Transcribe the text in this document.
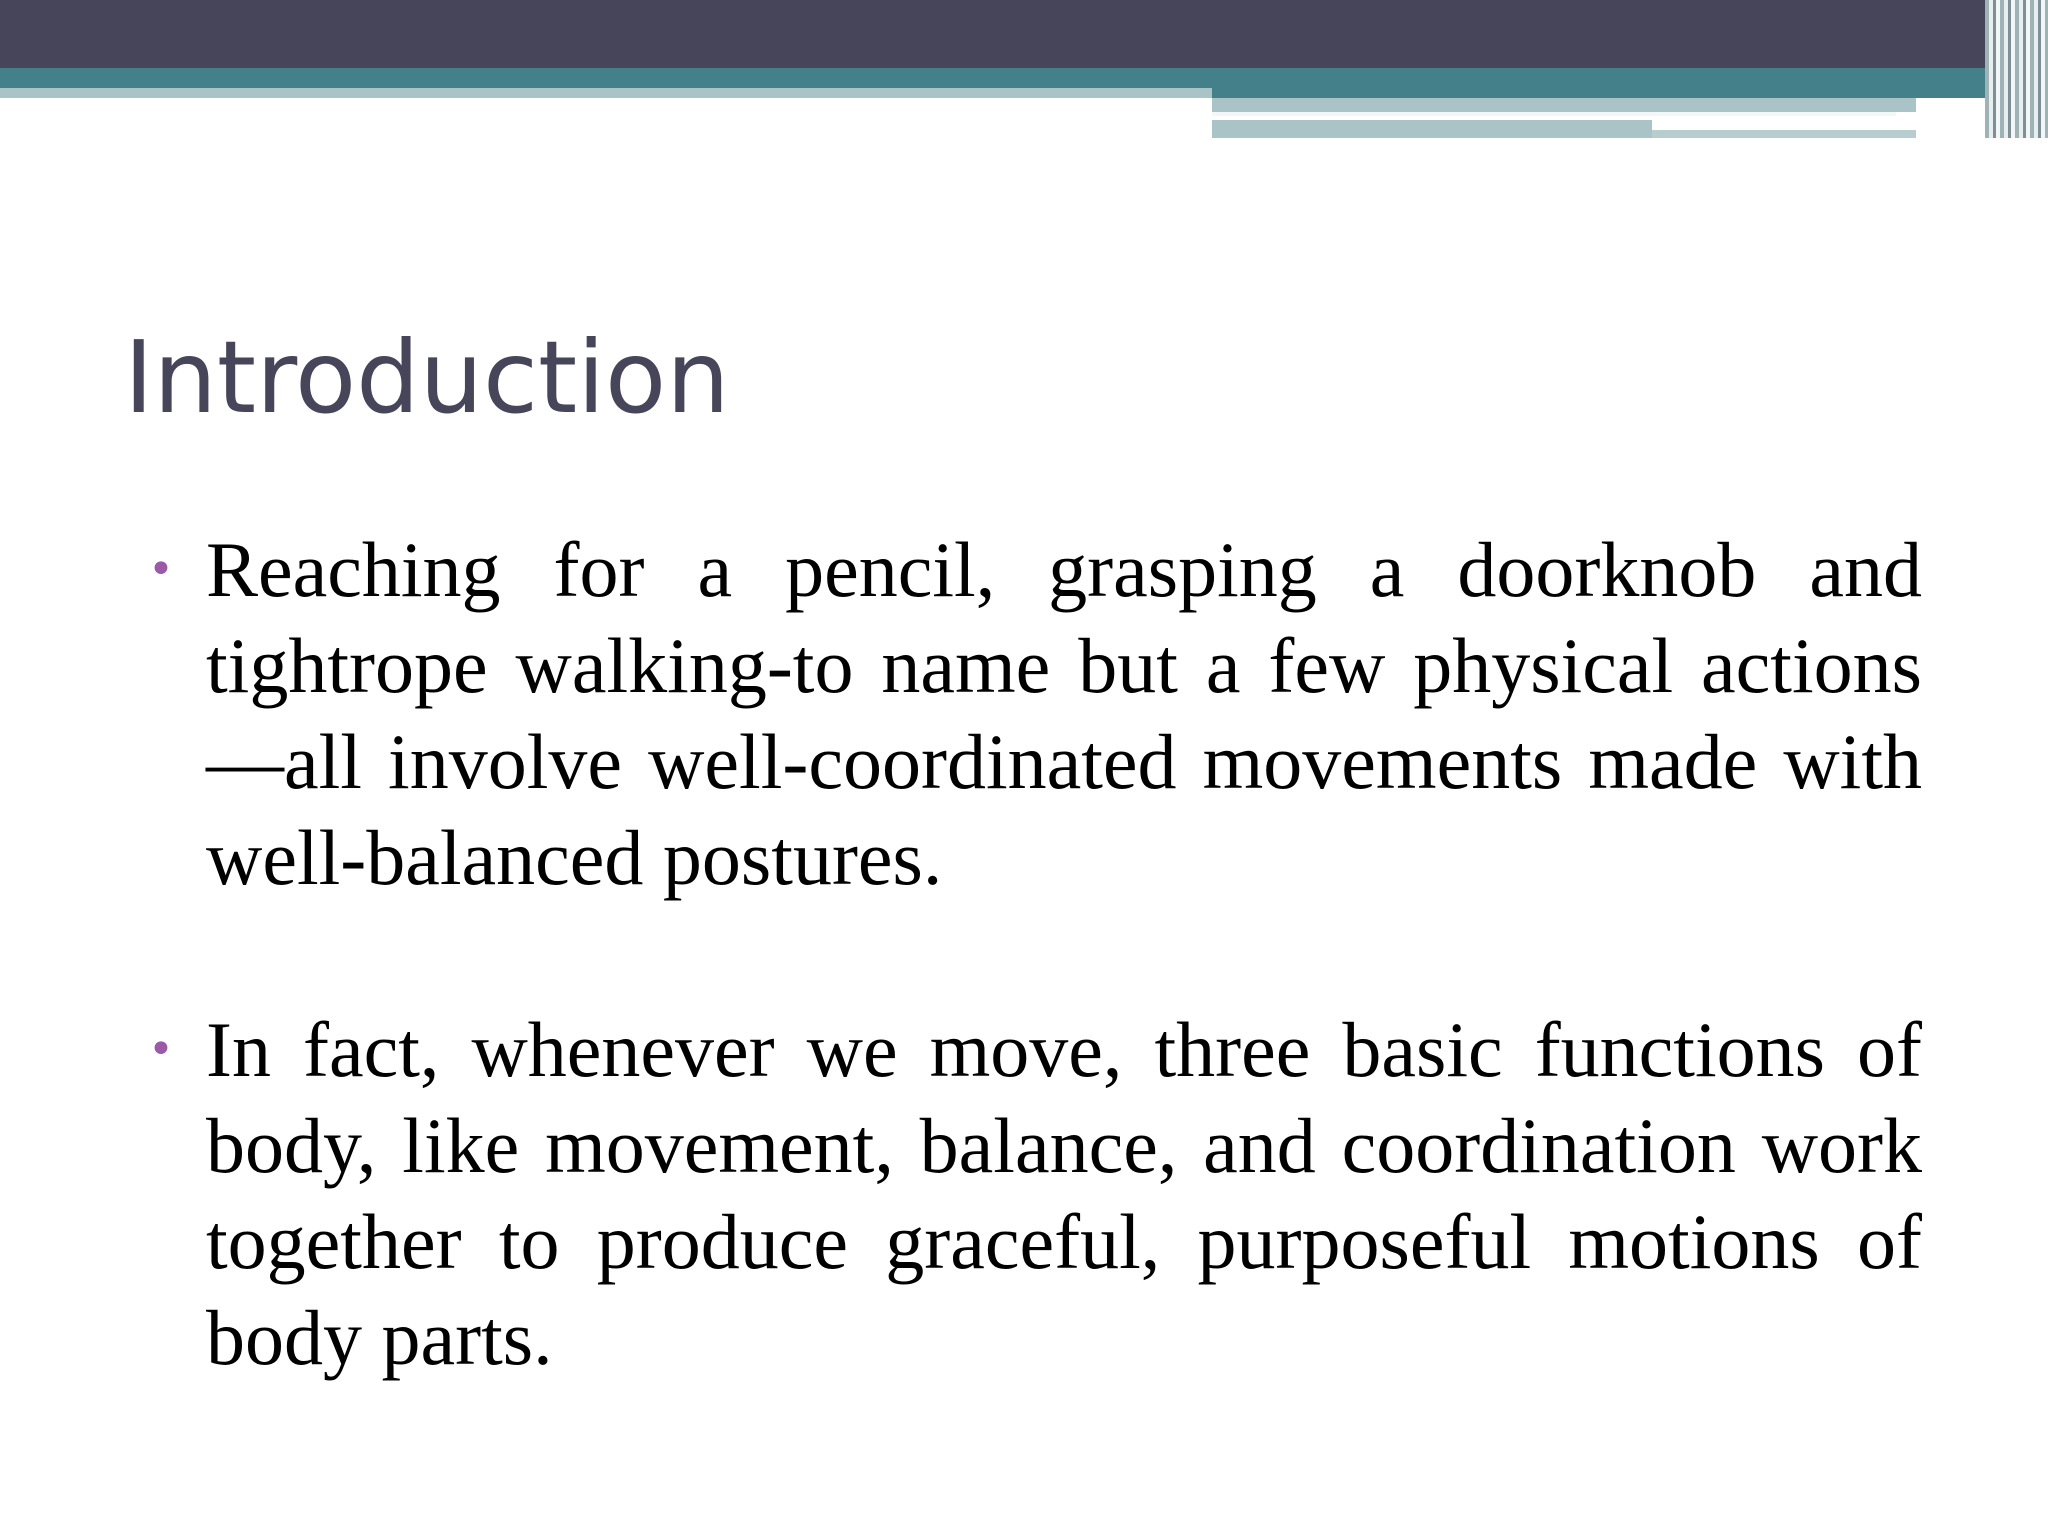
Introduction
• Reaching for a pencil, grasping a doorknob and tightrope walking-to name but a few physical actions—all involve well-coordinated movements made with well-balanced postures.
• In fact, whenever we move, three basic functions of body, like movement, balance, and coordination work together to produce graceful, purposeful motions of body parts.
